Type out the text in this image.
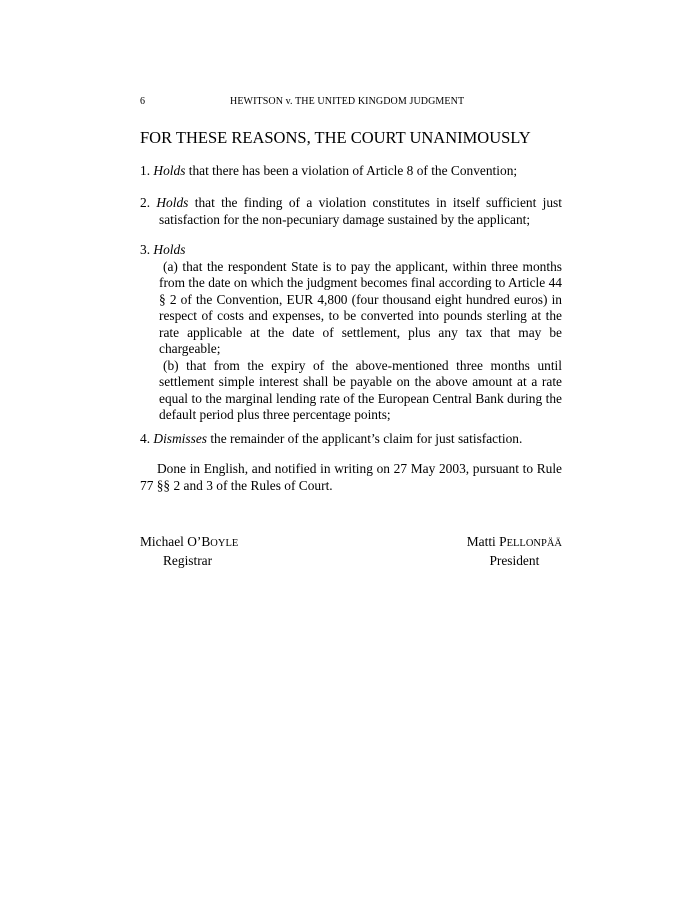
6	HEWITSON v. THE UNITED KINGDOM JUDGMENT
FOR THESE REASONS, THE COURT UNANIMOUSLY

1. Holds that there has been a violation of Article 8 of the Convention;

2. Holds that the finding of a violation constitutes in itself sufficient just satisfaction for the non-pecuniary damage sustained by the applicant;

3. Holds

(a) that the respondent State is to pay the applicant, within three months from the date on which the judgment becomes final according to Article 44 § 2 of the Convention, EUR 4,800 (four thousand eight hundred euros) in respect of costs and expenses, to be converted into pounds sterling at the rate applicable at the date of settlement, plus any tax that may be chargeable;

(b) that from the expiry of the above-mentioned three months until settlement simple interest shall be payable on the above amount at a rate equal to the marginal lending rate of the European Central Bank during the default period plus three percentage points;

4. Dismisses the remainder of the applicant’s claim for just satisfaction.

Done in English, and notified in writing on 27 May 2003, pursuant to Rule 77 §§ 2 and 3 of the Rules of Court.

Michael O’BOYLE
Registrar
Matti PELLONPÄÄ
President
